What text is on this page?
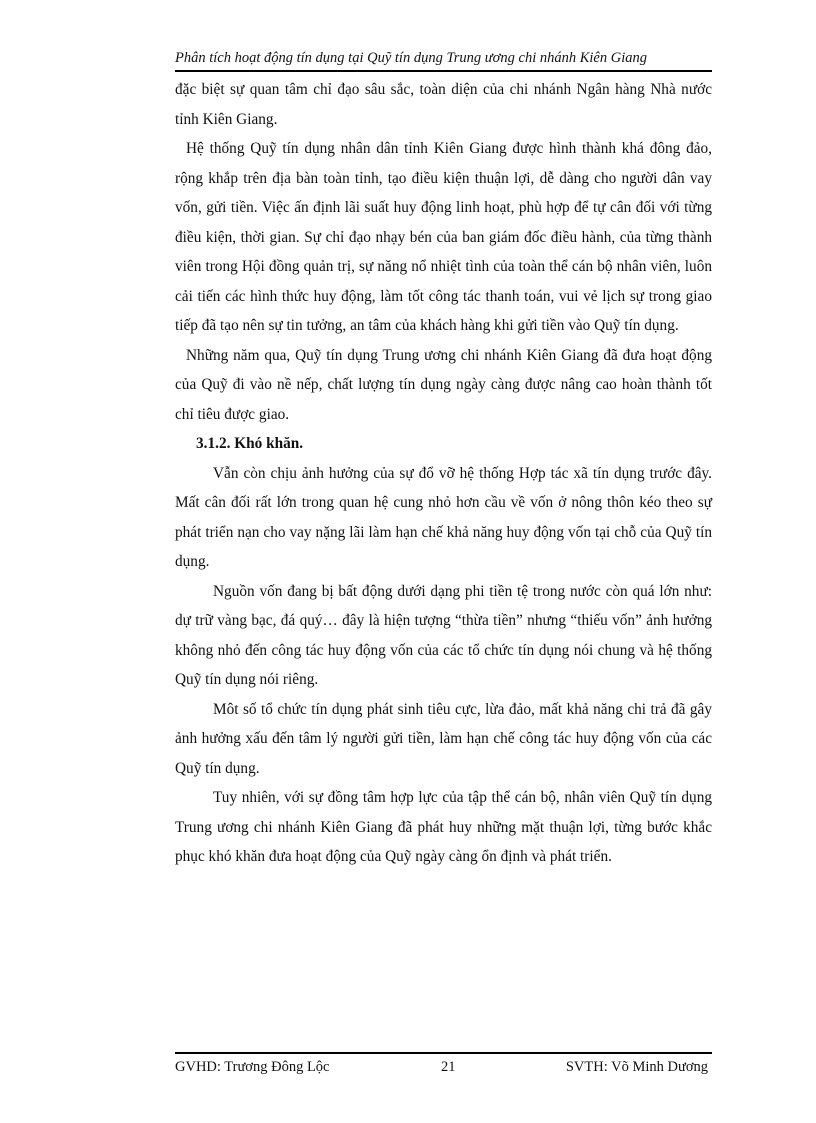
Phân tích hoạt động tín dụng tại Quỹ tín dụng Trung ương chi nhánh Kiên Giang

đặc biệt sự quan tâm chỉ đạo sâu sắc, toàn diện của chi nhánh Ngân hàng Nhà nước tỉnh Kiên Giang.

Hệ thống Quỹ tín dụng nhân dân tỉnh Kiên Giang được hình thành khá đông đảo, rộng khắp trên địa bàn toàn tỉnh, tạo điều kiện thuận lợi, dễ dàng cho người dân vay vốn, gửi tiền. Việc ấn định lãi suất huy động linh hoạt, phù hợp để tự cân đối với từng điều kiện, thời gian. Sự chỉ đạo nhạy bén của ban giám đốc điều hành, của từng thành viên trong Hội đồng quản trị, sự năng nổ nhiệt tình của toàn thể cán bộ nhân viên, luôn cải tiến các hình thức huy động, làm tốt công tác thanh toán, vui vẻ lịch sự trong giao tiếp đã tạo nên sự tin tưởng, an tâm của khách hàng khi gửi tiền vào Quỹ tín dụng.

Những năm qua, Quỹ tín dụng Trung ương chi nhánh Kiên Giang đã đưa hoạt động của Quỹ đi vào nề nếp, chất lượng tín dụng ngày càng được nâng cao hoàn thành tốt chỉ tiêu được giao.

3.1.2. Khó khăn.

Vẫn còn chịu ảnh hưởng của sự đổ vỡ hệ thống Hợp tác xã tín dụng trước đây. Mất cân đối rất lớn trong quan hệ cung nhỏ hơn cầu về vốn ở nông thôn kéo theo sự phát triển nạn cho vay nặng lãi làm hạn chế khả năng huy động vốn tại chỗ của Quỹ tín dụng.

Nguồn vốn đang bị bất động dưới dạng phi tiền tệ trong nước còn quá lớn như: dự trữ vàng bạc, đá quý… đây là hiện tượng “thừa tiền” nhưng “thiếu vốn” ảnh hưởng không nhỏ đến công tác huy động vốn của các tổ chức tín dụng nói chung và hệ thống Quỹ tín dụng nói riêng.

Môt số tổ chức tín dụng phát sinh tiêu cực, lừa đảo, mất khả năng chi trả đã gây ảnh hưởng xấu đến tâm lý người gửi tiền, làm hạn chế công tác huy động vốn của các Quỹ tín dụng.

Tuy nhiên, với sự đồng tâm hợp lực của tập thể cán bộ, nhân viên Quỹ tín dụng Trung ương chi nhánh Kiên Giang đã phát huy những mặt thuận lợi, từng bước khắc phục khó khăn đưa hoạt động của Quỹ ngày càng ổn định và phát triển.

GVHD: Trương Đông Lộc	21	SVTH: Võ Minh Dương
